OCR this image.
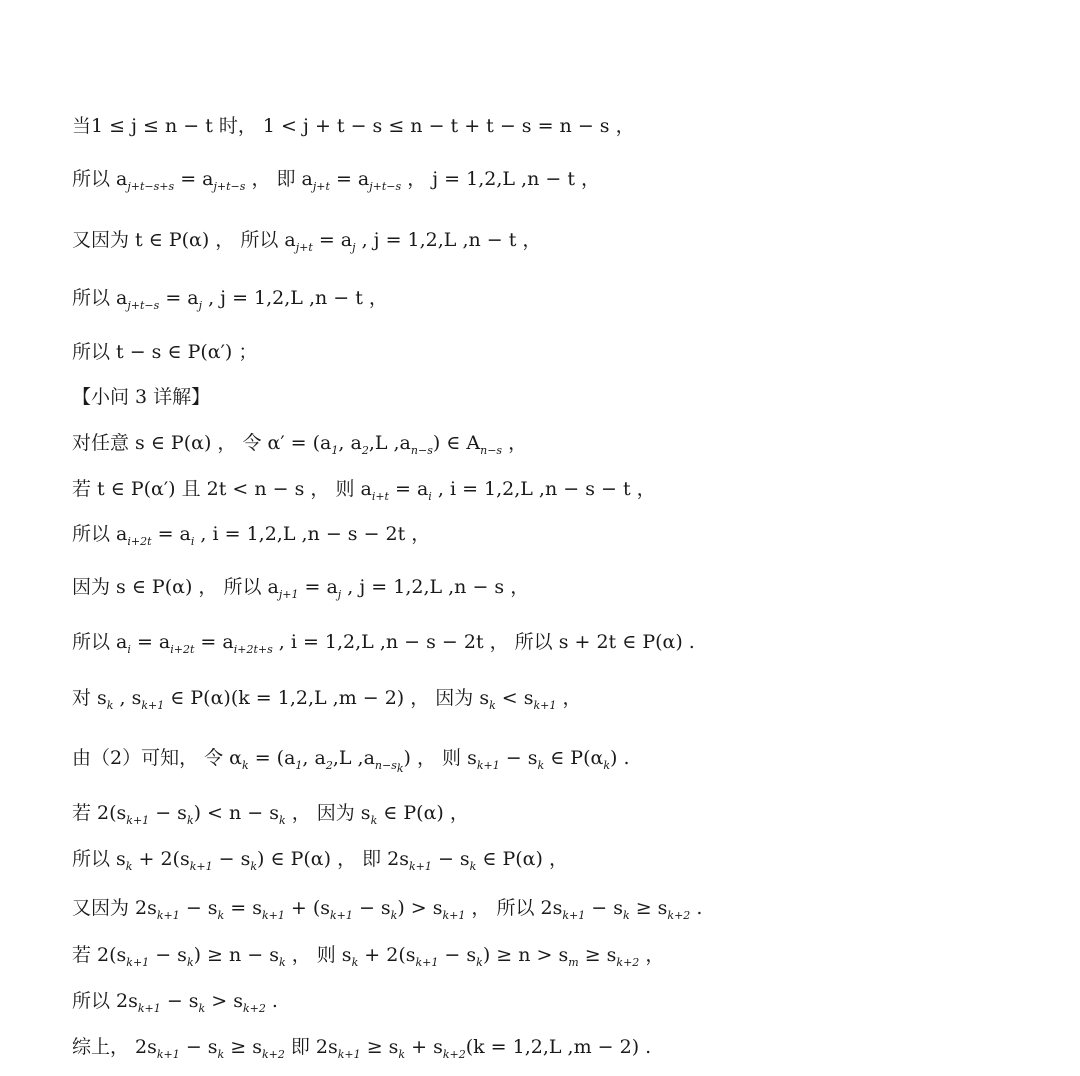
当1 ≤ j ≤ n − t 时， 1 < j + t − s ≤ n − t + t − s = n − s ，
所以 $a_{j+t-s+s} = a_{j+t-s}$ ， 即 $a_{j+t} = a_{j+t-s}$ ， j = 1,2,L ,n − t ，
又因为 t ∈ P(α) ， 所以 $a_{j+t} = a_j$ , j = 1,2,L ,n − t ，
所以 $a_{j+t-s} = a_j$ , j = 1,2,L ,n − t ，
所以 t − s ∈ P(α′) ；
【小问 3 详解】
对任意 s ∈ P(α) ， 令 $\alpha' = (a_1$, $a_2,L$ $,a_{n-s}$) ∈ $A_{n-s}$ ，
若 t ∈ P(α′) 且 2t < n − s ， 则 $a_{i+t} = a_i$ , i = 1,2,L ,n − s − t ，
所以 $a_{i+2t} = a_i$ , i = 1,2,L ,n − s − 2t ，
因为 s ∈ P(α) ， 所以 $a_{j+1} = a_j$ , j = 1,2,L ,n − s ，
所以 $a_i = a_{i+2t} = a_{i+2t+s}$ , i = 1,2,L ,n − s − 2t ， 所以 s + 2t ∈ P(α) .
对 $s_k$ , $s_{k+1}$ ∈ P(α)(k = 1,2,L ,m − 2) ， 因为 $s_k < s_{k+1}$ ，
由（2）可知， 令 $\alpha_k = (a_1$, $a_2,L$ $,a_{n-s_k}$) ， 则 $s_{k+1} - s_k$ ∈ $P(\alpha_k)$ .
若 $2(s_{k+1} - s_k) < n - s_k$ ， 因为 $s_k$ ∈ P(α) ，
所以 $s_k + 2(s_{k+1} - s_k)$ ∈ P(α) ， 即 $2s_{k+1} - s_k$ ∈ P(α) ，
又因为 $2s_{k+1} - s_k = s_{k+1} + (s_{k+1} - s_k) > s_{k+1}$ ， 所以 $2s_{k+1} - s_k \ge s_{k+2}$ .
若 $2(s_{k+1} - s_k) \ge n - s_k$ ， 则 $s_k + 2(s_{k+1} - s_k) \ge n > s_m \ge s_{k+2}$ ，
所以 $2s_{k+1} - s_k > s_{k+2}$ .
综上， $2s_{k+1} - s_k \ge s_{k+2}$ 即 $2s_{k+1} \ge s_k + s_{k+2}(k = 1,2,L$ ,m − 2) .
